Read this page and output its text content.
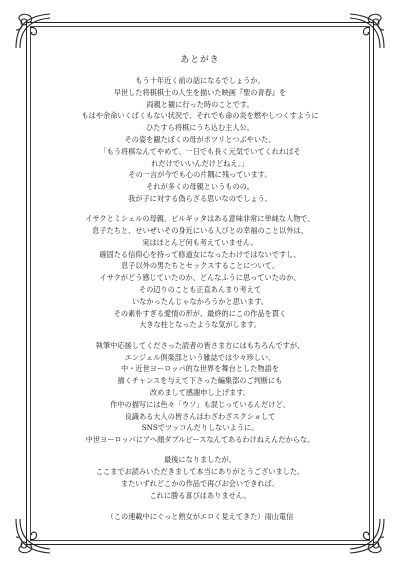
あとがき
もう十年近く前の話になるでしょうか。
早世した将棋棋士の人生を描いた映画『聖の青春』を
両親と観に行った時のことです。
もはや余命いくばくもない状況で、それでも命の炎を燃やしつくすように
ひたすら将棋にうち込む主人公。
その姿を観たぼくの母がポツリとつぶやいた、
「もう将棋なんてやめて、一日でも長く元気でいてくれればそ
れだけでいいんだけどねえ。」
その一言が今でも心の片隅に残っています。
それが多くの母親というものの。
我が子に対する偽らざる思いなのでしょう。
イサクとミシェルの母親、ビルギッタはある意味非常に単純な人物で、
息子たちと、せいぜいその身近にいる人びとの幸福のこと以外は、
実はほとんど何も考えていません。
確固たる信仰心を持って修道女になったわけではないですし、
息子以外の男たちとセックスすることについて、
イサクがどう感じていたのか、どんなふうに思っていたのか、
その辺りのことも正直あんまり考えて
いなかったんじゃなかろうかと思います。
その素朴すぎる愛情の形が、最終的にこの作品を貫く
大きな柱となったような気がします。
執筆中応援してくださった読者の皆さま方にはもちろんですが、
エンジェル倶楽部という雑誌では少々珍しい、
中・近世ヨーロッパ的な世界を舞台とした物語を
描くチャンスを与えて下さった編集部のご判断にも
改めまして感謝申し上げます。
作中の描写には色々「ウソ」も混じっているんだけど、
良識ある大人の皆さんはわざわざスクショして
SNSでツッコんだりしないように。
中世ヨーロッパにアヘ顔ダブルピースなんてあるわけねえんだからな。
最後になりましたが、
ここまでお読みいただきまして本当にありがとうございました。
またいずれどこかの作品で再びお会いできれば、
これに勝る喜びはありません。
（この連載中にぐっと熟女がエロく見えてきた）雨山電信
